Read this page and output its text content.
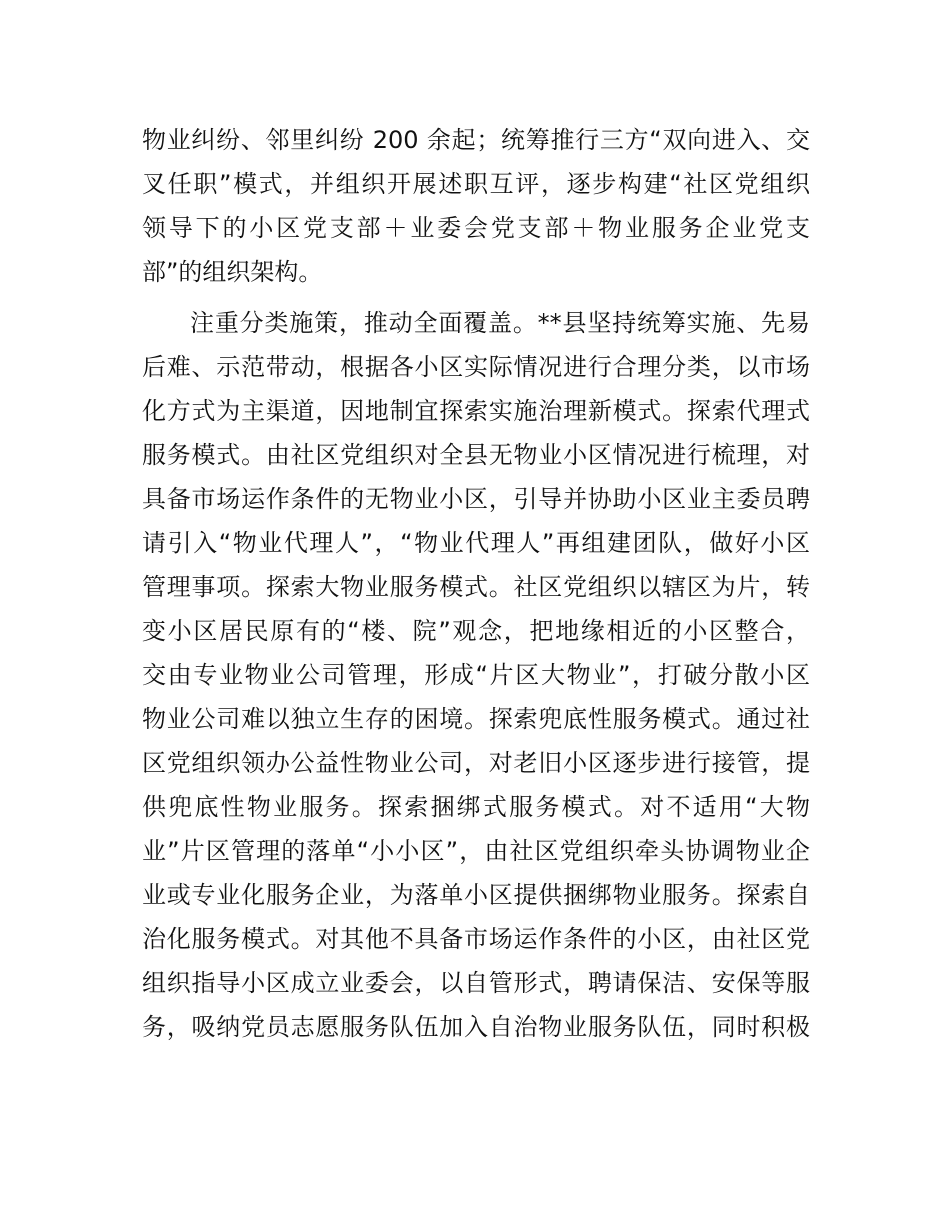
物业纠纷、邻里纠纷 200 余起；统筹推行三方“双向进入、交
叉任职”模式，并组织开展述职互评，逐步构建“社区党组织
领导下的小区党支部＋业委会党支部＋物业服务企业党支
部”的组织架构。
注重分类施策，推动全面覆盖。**县坚持统筹实施、先易
后难、示范带动，根据各小区实际情况进行合理分类，以市场
化方式为主渠道，因地制宜探索实施治理新模式。探索代理式
服务模式。由社区党组织对全县无物业小区情况进行梳理，对
具备市场运作条件的无物业小区，引导并协助小区业主委员聘
请引入“物业代理人”，“物业代理人”再组建团队，做好小区
管理事项。探索大物业服务模式。社区党组织以辖区为片，转
变小区居民原有的“楼、院”观念，把地缘相近的小区整合，
交由专业物业公司管理，形成“片区大物业”，打破分散小区
物业公司难以独立生存的困境。探索兜底性服务模式。通过社
区党组织领办公益性物业公司，对老旧小区逐步进行接管，提
供兜底性物业服务。探索捆绑式服务模式。对不适用“大物
业”片区管理的落单“小小区”，由社区党组织牵头协调物业企
业或专业化服务企业，为落单小区提供捆绑物业服务。探索自
治化服务模式。对其他不具备市场运作条件的小区，由社区党
组织指导小区成立业委会，以自管形式，聘请保洁、安保等服
务，吸纳党员志愿服务队伍加入自治物业服务队伍，同时积极
